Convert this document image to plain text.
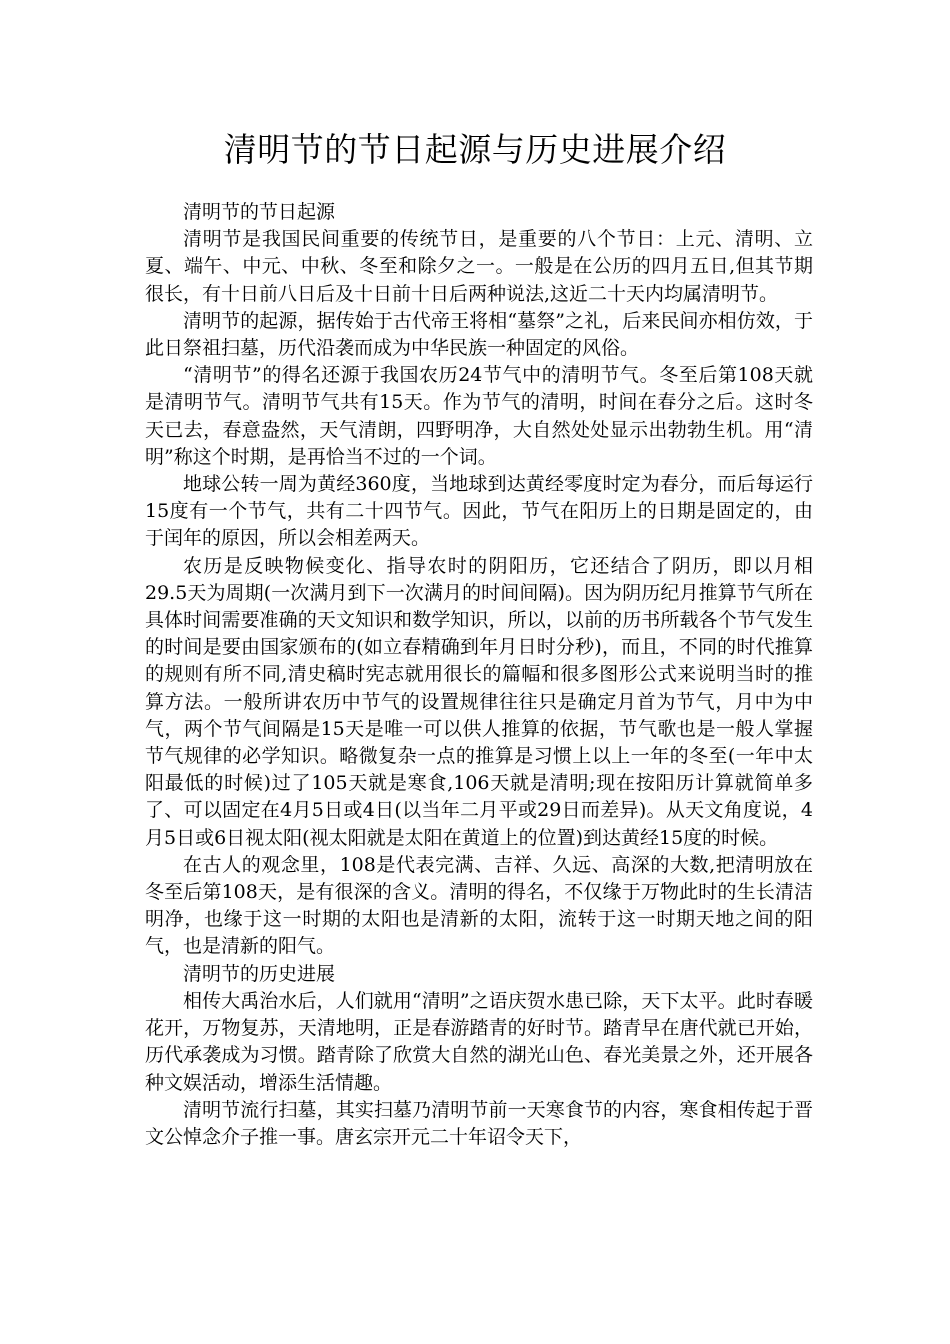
清明节的节日起源与历史进展介绍

清明节的节日起源

清明节是我国民间重要的传统节日，是重要的八个节日：上元、清明、立夏、端午、中元、中秋、冬至和除夕之一。一般是在公历的四月五日,但其节期很长，有十日前八日后及十日前十日后两种说法,这近二十天内均属清明节。

清明节的起源，据传始于古代帝王将相“墓祭”之礼，后来民间亦相仿效，于此日祭祖扫墓，历代沿袭而成为中华民族一种固定的风俗。

“清明节”的得名还源于我国农历24节气中的清明节气。冬至后第108天就是清明节气。清明节气共有15天。作为节气的清明，时间在春分之后。这时冬天已去，春意盎然，天气清朗，四野明净，大自然处处显示出勃勃生机。用“清明”称这个时期，是再恰当不过的一个词。

地球公转一周为黄经360度，当地球到达黄经零度时定为春分，而后每运行15度有一个节气，共有二十四节气。因此，节气在阳历上的日期是固定的，由于闰年的原因，所以会相差两天。

农历是反映物候变化、指导农时的阴阳历，它还结合了阴历，即以月相29.5天为周期(一次满月到下一次满月的时间间隔)。因为阴历纪月推算节气所在具体时间需要准确的天文知识和数学知识，所以，以前的历书所载各个节气发生的时间是要由国家颁布的(如立春精确到年月日时分秒)，而且，不同的时代推算的规则有所不同,清史稿时宪志就用很长的篇幅和很多图形公式来说明当时的推算方法。一般所讲农历中节气的设置规律往往只是确定月首为节气，月中为中气，两个节气间隔是15天是唯一可以供人推算的依据，节气歌也是一般人掌握节气规律的必学知识。略微复杂一点的推算是习惯上以上一年的冬至(一年中太阳最低的时候)过了105天就是寒食,106天就是清明;现在按阳历计算就简单多了、可以固定在4月5日或4日(以当年二月平或29日而差异)。从天文角度说，4月5日或6日视太阳(视太阳就是太阳在黄道上的位置)到达黄经15度的时候。

在古人的观念里，108是代表完满、吉祥、久远、高深的大数,把清明放在冬至后第108天，是有很深的含义。清明的得名，不仅缘于万物此时的生长清洁明净，也缘于这一时期的太阳也是清新的太阳，流转于这一时期天地之间的阳气，也是清新的阳气。

清明节的历史进展

相传大禹治水后，人们就用“清明”之语庆贺水患已除，天下太平。此时春暖花开，万物复苏，天清地明，正是春游踏青的好时节。踏青早在唐代就已开始，历代承袭成为习惯。踏青除了欣赏大自然的湖光山色、春光美景之外，还开展各种文娱活动，增添生活情趣。

清明节流行扫墓，其实扫墓乃清明节前一天寒食节的内容，寒食相传起于晋文公悼念介子推一事。唐玄宗开元二十年诏令天下，
